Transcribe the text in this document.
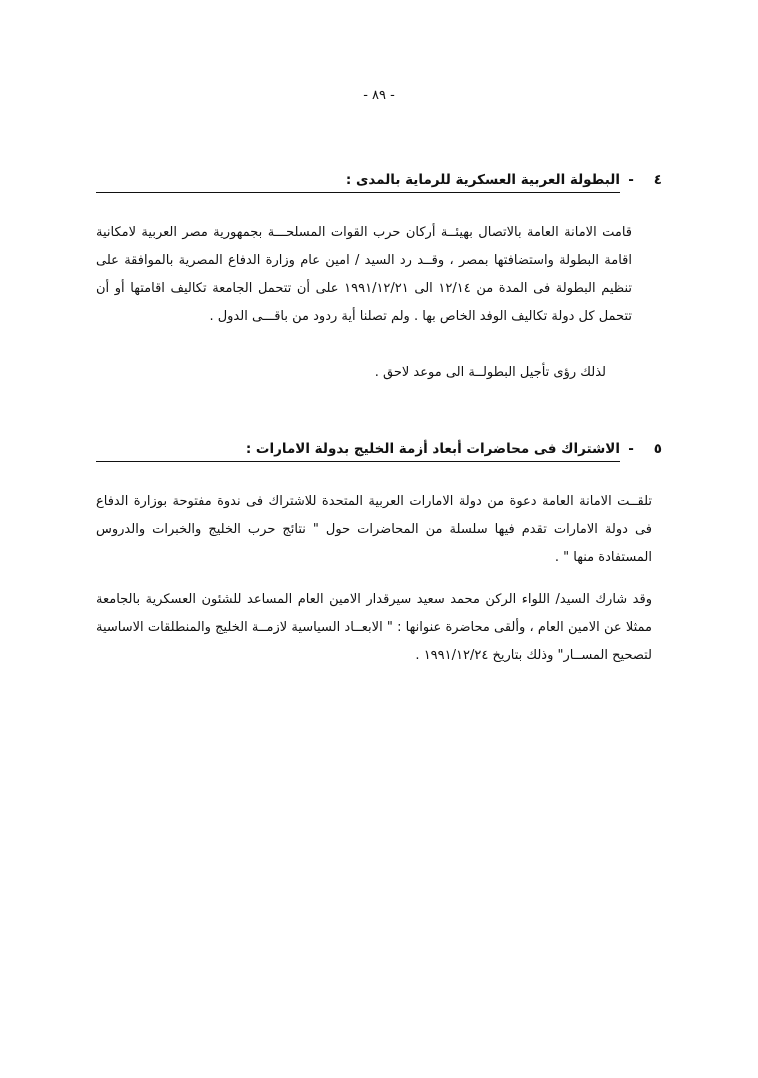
- ٨٩ -
٤
-
البطولة العربية العسكرية للرماية بالمدى :

قامت الامانة العامة بالاتصال بهيئــة أركان حرب القوات المسلحـــة بجمهورية مصر العربية لامكانية اقامة البطولة واستضافتها بمصر ، وقــد رد السيد / امين عام وزارة الدفاع المصرية بالموافقة على تنظيم البطولة فى المدة من ١٢/١٤ الى ١٩٩١/١٢/٢١ على أن تتحمل الجامعة تكاليف اقامتها أو أن تتحمل كل دولة تكاليف الوفد الخاص بها . ولم تصلنا أية ردود من باقـــى الدول .

لذلك رؤى تأجيل البطولــة الى موعد لاحق .

٥
-
الاشتراك فى محاضرات أبعاد أزمة الخليج بدولة الامارات :

تلقــت الامانة العامة دعوة من دولة الامارات العربية المتحدة للاشتراك فى ندوة مفتوحة بوزارة الدفاع فى دولة الامارات تقدم فيها سلسلة من المحاضرات حول " نتائج حرب الخليج والخبرات والدروس المستفادة منها " .

وقد شارك السيد/ اللواء الركن محمد سعيد سيرقدار الامين العام المساعد للشئون العسكرية بالجامعة ممثلا عن الامين العام ، وألقى محاضرة عنوانها : " الابعــاد السياسية لازمــة الخليج والمنطلقات الاساسية لتصحيح المســار" وذلك بتاريخ ١٩٩١/١٢/٢٤ .
